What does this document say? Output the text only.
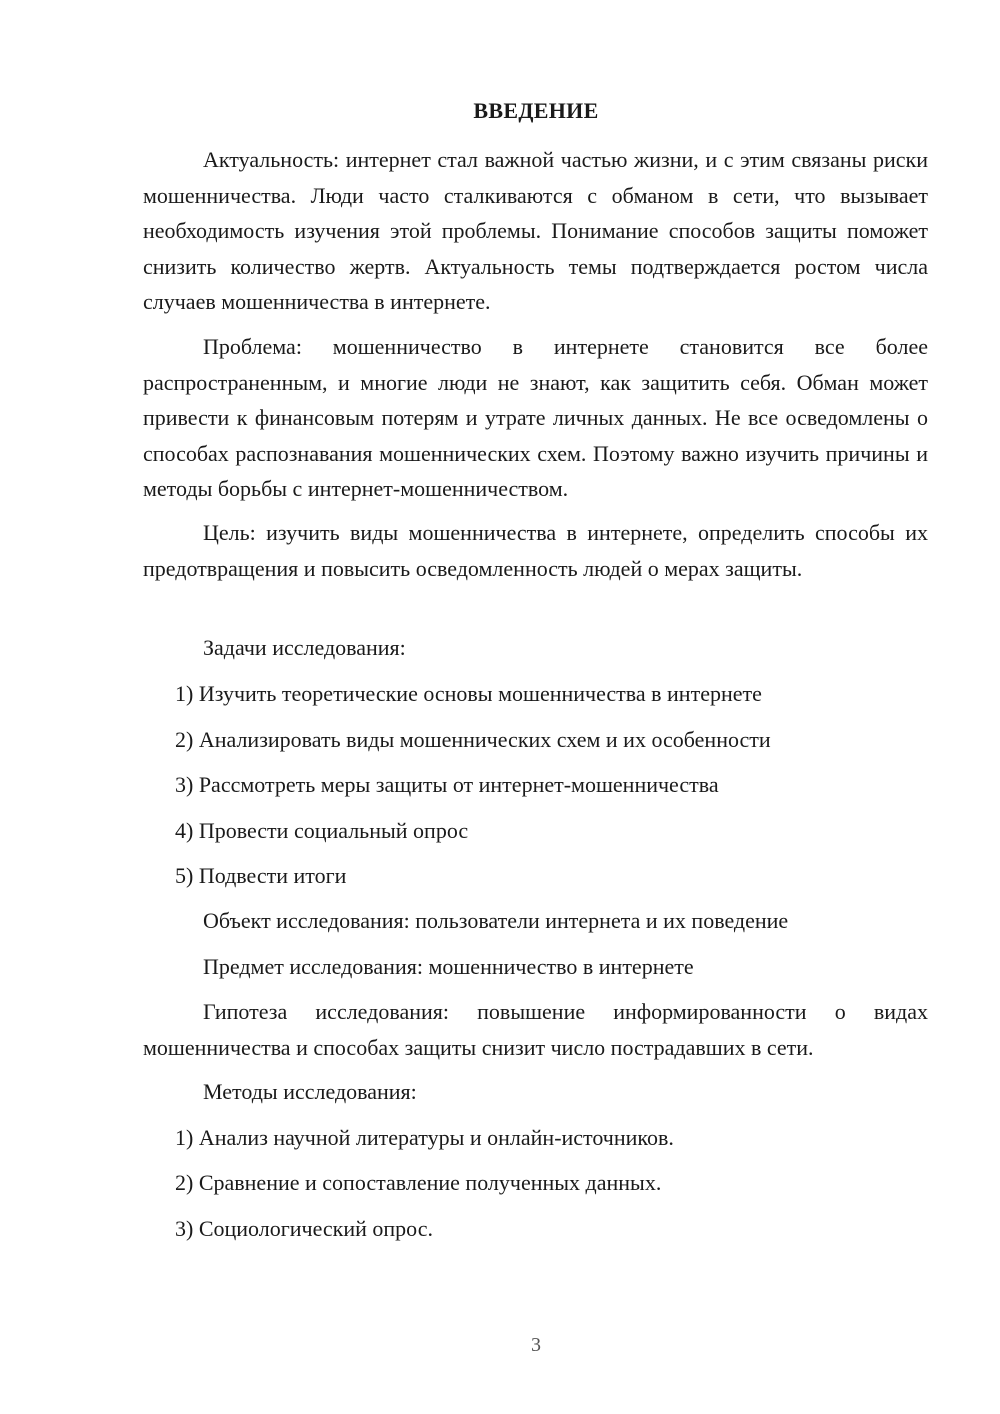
ВВЕДЕНИЕ

Актуальность: интернет стал важной частью жизни, и с этим связаны риски мошенничества. Люди часто сталкиваются с обманом в сети, что вызывает необходимость изучения этой проблемы. Понимание способов защиты поможет снизить количество жертв. Актуальность темы подтверждается ростом числа случаев мошенничества в интернете.

Проблема: мошенничество в интернете становится все более распространенным, и многие люди не знают, как защитить себя. Обман может привести к финансовым потерям и утрате личных данных. Не все осведомлены о способах распознавания мошеннических схем. Поэтому важно изучить причины и методы борьбы с интернет-мошенничеством.

Цель: изучить виды мошенничества в интернете, определить способы их предотвращения и повысить осведомленность людей о мерах защиты.

Задачи исследования:

1) Изучить теоретические основы мошенничества в интернете

2) Анализировать виды мошеннических схем и их особенности

3) Рассмотреть меры защиты от интернет-мошенничества

4) Провести социальный опрос

5) Подвести итоги

Объект исследования: пользователи интернета и их поведение

Предмет исследования: мошенничество в интернете

Гипотеза исследования: повышение информированности о видах мошенничества и способах защиты снизит число пострадавших в сети.

Методы исследования:

1) Анализ научной литературы и онлайн-источников.

2) Сравнение и сопоставление полученных данных.

3) Социологический опрос.

3
